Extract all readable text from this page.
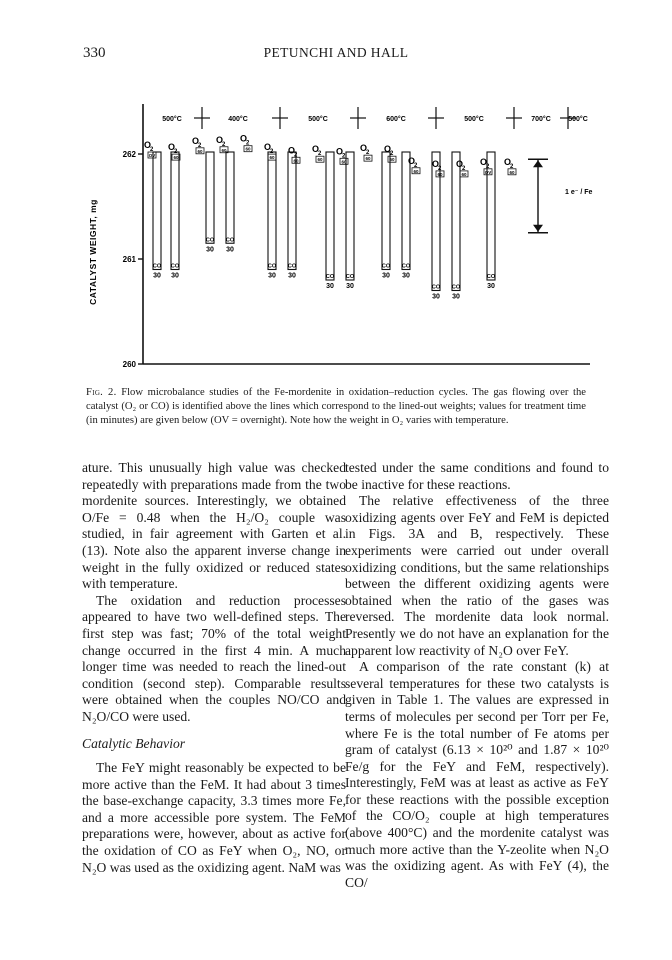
330	PETUNCHI AND HALL
262
261
260
CATALYST WEIGHT, mg
500°C	400°C	500°C	600°C	500°C	700°C 500°C
CO
30
CO
30
CO
30
CO
30
CO
30
CO
30	CO
30
CO
30
CO
30
CO
30
CO
30
CO
30
CO
30
O
2
OV
O
2
60
O
2
60
O
2
60
O
2
60 O
2
60
O
2
60
O
2
60
O
2
60
O
2
60
O
2
60 O
2
60
O
2
60
O
2
60
O
2
OV
O
2
60
1 e⁻ / Fe
Fig. 2. Flow microbalance studies of the Fe-mordenite in oxidation–reduction cycles. The gas flowing over the catalyst (O₂ or CO) is identified above the lines which correspond to the lined-out weights; values for treatment time (in minutes) are given below (OV = overnight). Note how the weight in O₂ varies with temperature.

ature. This unusually high value was checked repeatedly with preparations made from the two mordenite sources. Interestingly, we obtained O/Fe = 0.48 when the H₂/O₂ couple was studied, in fair agreement with Garten et al. (13). Note also the apparent inverse change in weight in the fully oxidized or reduced states with temperature.

The oxidation and reduction processes appeared to have two well-defined steps. The first step was fast; 70% of the total weight change occurred in the first 4 min. A much longer time was needed to reach the lined-out condition (second step). Comparable results were obtained when the couples NO/CO and N₂O/CO were used.

Catalytic Behavior

The FeY might reasonably be expected to be more active than the FeM. It had about 3 times the base-exchange capacity, 3.3 times more Fe, and a more accessible pore system. The FeM preparations were, however, about as active for the oxidation of CO as FeY when O₂, NO, or N₂O was used as the oxidizing agent. NaM was

tested under the same conditions and found to be inactive for these reactions.

The relative effectiveness of the three oxidizing agents over FeY and FeM is depicted in Figs. 3A and B, respectively. These experiments were carried out under overall oxidizing conditions, but the same relationships between the different oxidizing agents were obtained when the ratio of the gases was reversed. The mordenite data look normal. Presently we do not have an explanation for the apparent low reactivity of N₂O over FeY.

A comparison of the rate constant (k) at several temperatures for these two catalysts is given in Table 1. The values are expressed in terms of molecules per second per Torr per Fe, where Fe is the total number of Fe atoms per gram of catalyst (6.13 × 10²⁰ and 1.87 × 10²⁰ Fe/g for the FeY and FeM, respectively). Interestingly, FeM was at least as active as FeY for these reactions with the possible exception of the CO/O₂ couple at high temperatures (above 400°C) and the mordenite catalyst was much more active than the Y-zeolite when N₂O was the oxidizing agent. As with FeY (4), the CO/
